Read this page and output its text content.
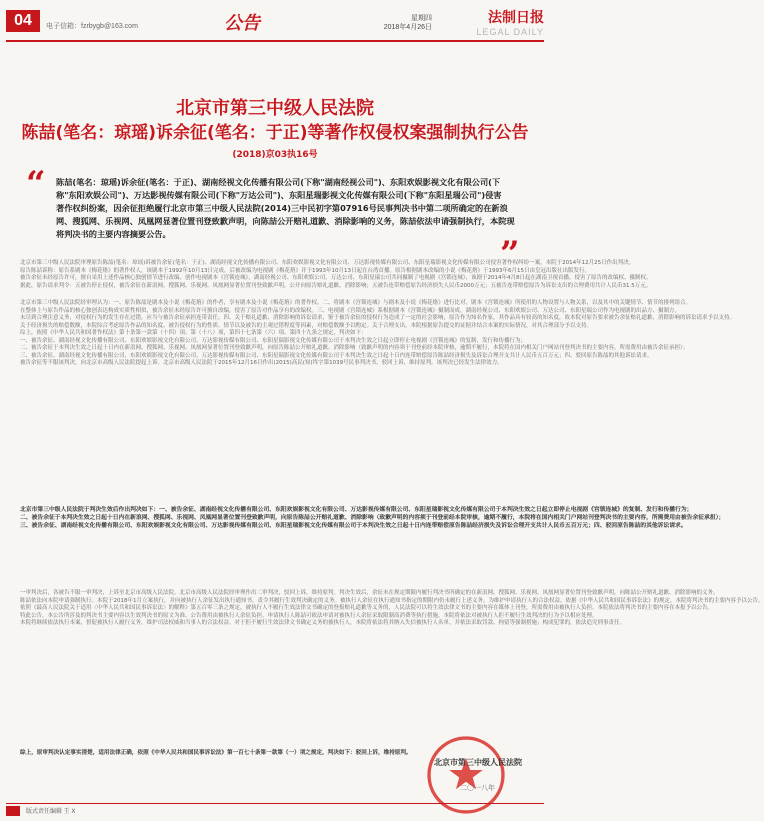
04	电子信箱：fzrbygb@163.com	公告	星期四
2018年4月26日
法制日报
LEGAL DAILY
北京市第三中级人民法院
陈喆(笔名：琼瑶)诉余征(笔名：于正)等著作权侵权案强制执行公告
(2018)京03执16号
“
”
陈喆(笔名：琼瑶)诉余征(笔名：于正)、湖南经视文化传播有限公司(下称"湖南经视公司")、东阳欢娱影视文化有限公司(下
称"东阳欢娱公司")、万达影视传媒有限公司(下称"万达公司")、东阳星瑞影视文化传媒有限公司(下称"东阳星瑞公司")侵害
著作权纠纷案，因余征拒绝履行北京市第三中级人民法院(2014)三中民初字第07916号民事判决书中第二项所确定的在新浪
网、搜狐网、乐视网、凤凰网显著位置刊登致歉声明，向陈喆公开赔礼道歉、消除影响的义务，陈喆依法申请强制执行，本院现
将判决书的主要内容摘要公告。
北京市第三中级人民法院审理原告陈喆(笔名：琼瑶)诉被告余征(笔名：于正)、湖南经视文化传播有限公司、东阳欢娱影视文化有限公司、万达影视传媒有限公司、东阳星瑞影视文化传媒有限公司侵害著作权纠纷一案，本院于2014年12月25日作出判决。
原告陈喆诉称：原告系剧本《梅花烙》的著作权人，该剧本于1992年10月13日完成，后被改编为电视剧《梅花烙》并于1993年10月13日起在台湾首播。原告根据剧本改编的小说《梅花烙》于1993年6月15日由皇冠出版社出版发行。
被告余征未经原告许可，擅自采用上述作品核心独创情节进行改编，创作电视剧本《宫锁连城》，湖南经视公司、东阳欢娱公司、万达公司、东阳星瑞公司共同摄制了电视剧《宫锁连城》，该剧于2014年4月8日起在湖南卫视首播，侵害了原告的改编权、摄制权。
据此，原告请求判令：五被告停止侵权，被告余征在新浪网、搜狐网、乐视网、凤凰网显著位置刊登致歉声明，公开向原告赔礼道歉、消除影响；五被告连带赔偿原告经济损失人民币2000万元；五被告连带赔偿原告为诉讼支出的合理费用共计人民币31.5万元。
北京市第三中级人民法院经审理认为：一、原告陈喆是剧本及小说《梅花烙》的作者，享有剧本及小说《梅花烙》的著作权。二、将剧本《宫锁连城》与剧本及小说《梅花烙》进行比对，剧本《宫锁连城》所使用的人物设置与人物关系，以及其中的关键情节、情节的排列组合。
在整体上与原告作品的核心独创表达构成实质性相似，被告余征未经原告许可擅自改编，侵害了原告对作品享有的改编权。三、电视剧《宫锁连城》系根据剧本《宫锁连城》摄制而成，湖南经视公司、东阳欢娱公司、万达公司、东阳星瑞公司作为电视剧的出品方、摄制方。
未尽到合理注意义务，对侵权行为的发生存在过错，应当与被告余征承担连带责任。四、关于赔礼道歉、消除影响的诉讼请求，鉴于被告余征的侵权行为造成了一定的社会影响，原告作为知名作家，其作品具有较高的知名度，故本院对原告要求被告余征赔礼道歉、消除影响的诉讼请求予以支持。
关于经济损失的赔偿数额，本院综合考虑原告作品的知名度、被告侵权行为的性质、情节以及被告的主观过错程度等因素，对赔偿数额予以酌定。关于合理支出，本院根据原告提交的证据并结合本案的实际情况，对其合理部分予以支持。
综上，依照《中华人民共和国著作权法》第十条第一款第（十四）项、第（十八）项，第四十七条第（六）项、第四十九条之规定，判决如下：
一、被告余征、湖南经视文化传播有限公司、东阳欢娱影视文化有限公司、万达影视传媒有限公司、东阳星瑞影视文化传媒有限公司于本判决生效之日起立即停止电视剧《宫锁连城》的复制、发行和传播行为；
二、被告余征于本判决生效之日起十日内在新浪网、搜狐网、乐视网、凤凰网显著位置刊登致歉声明，向原告陈喆公开赔礼道歉、消除影响（致歉声明的内容须于刊登前经本院审核，逾期不履行，本院将在国内相关门户网站刊登判决书的主要内容，所需费用由被告余征承担）；
三、被告余征、湖南经视文化传播有限公司、东阳欢娱影视文化有限公司、万达影视传媒有限公司、东阳星瑞影视文化传媒有限公司于本判决生效之日起十日内连带赔偿原告陈喆经济损失及诉讼合理开支共计人民币五百万元；四、驳回原告陈喆的其他诉讼请求。
被告余征等不服该判决，向北京市高级人民法院提起上诉。北京市高级人民法院于2015年12月16日作出(2015)高民(知)终字第1039号民事判决书，驳回上诉，维持原判。该判决已经发生法律效力。
北京市第三中级人民法院于判决生效后作出判决如下：一、被告余征、湖南经视文化传播有限公司、东阳欢娱影视文化有限公司、万达影视传媒有限公司、东阳星瑞影视文化传媒有限公司于本判决生效之日起立即停止电视剧《宫锁连城》的复制、发行和传播行为；
二、被告余征于本判决生效之日起十日内在新浪网、搜狐网、乐视网、凤凰网显著位置刊登致歉声明，向原告陈喆公开赔礼道歉、消除影响（致歉声明的内容须于刊登前经本院审核，逾期不履行，本院将在国内相关门户网站刊登判决书的主要内容，所需费用由被告余征承担）；
三、被告余征、湖南经视文化传播有限公司、东阳欢娱影视文化有限公司、万达影视传媒有限公司、东阳星瑞影视文化传媒有限公司于本判决生效之日起十日内连带赔偿原告陈喆经济损失及诉讼合理开支共计人民币五百万元；四、驳回原告陈喆的其他诉讼请求。
一审判决后，各被告不服一审判决，上诉至北京市高级人民法院。北京市高级人民法院经审理作出二审判决，驳回上诉，维持原判。判决生效后，余征未在规定期限内履行判决书所确定的在新浪网、搜狐网、乐视网、凤凰网显著位置刊登致歉声明，向陈喆公开赔礼道歉、消除影响的义务。
陈喆依法向本院申请强制执行。本院于2018年1月立案执行，并向被执行人余征发出执行通知书，责令其履行生效判决确定的义务。被执行人余征在执行通知书指定的期限内仍未履行上述义务。为维护申请执行人的合法权益，依据《中华人民共和国民事诉讼法》的规定，本院将判决书的主要内容予以公告。
依照《最高人民法院关于适用〈中华人民共和国民事诉讼法〉的解释》第五百零三条之规定，被执行人不履行生效法律文书确定的登报赔礼道歉等义务的，人民法院可以将生效法律文书的主要内容在媒体上刊登，所需费用由被执行人负担。本院依法将判决书的主要内容在本报予以公告。
特此公告。本公告所涉及的判决书主要内容以生效判决书的原文为准。公告费用由被执行人余征负担。申请执行人陈喆可依法申请对被执行人余征采取限制高消费等执行措施，本院将依法对被执行人拒不履行生效判决的行为予以相应处理。
本院将继续依法执行本案，督促被执行人履行义务，维护司法权威和当事人的合法权益。对于拒不履行生效法律文书确定义务的被执行人，本院将依法将其纳入失信被执行人名单，并依法采取罚款、拘留等强制措施；构成犯罪的，依法追究刑事责任。
综上，原审判决认定事实清楚，适用法律正确，依照《中华人民共和国民事诉讼法》第一百七十条第一款第（一）项之规定，判决如下：驳回上诉，维持原判。
北京市第三中级人民法院
二〇一八年
版式责任编辑 王 X
